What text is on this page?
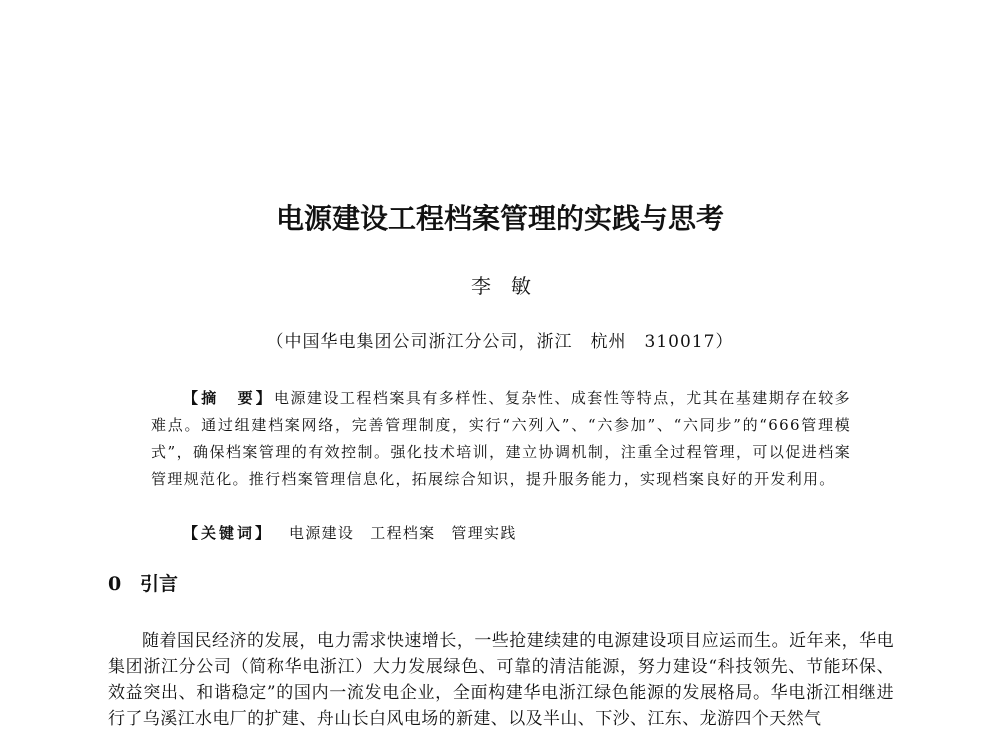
电源建设工程档案管理的实践与思考
李敏
（中国华电集团公司浙江分公司，浙江　杭州　310017）
【摘　要】电源建设工程档案具有多样性、复杂性、成套性等特点，尤其在基建期存在较多难点。通过组建档案网络，完善管理制度，实行“六列入”、“六参加”、“六同步”的“666管理模式”，确保档案管理的有效控制。强化技术培训，建立协调机制，注重全过程管理，可以促进档案管理规范化。推行档案管理信息化，拓展综合知识，提升服务能力，实现档案良好的开发利用。
【关键词】 电源建设 工程档案 管理实践
0 引言
随着国民经济的发展，电力需求快速增长，一些抢建续建的电源建设项目应运而生。近年来，华电集团浙江分公司（简称华电浙江）大力发展绿色、可靠的清洁能源，努力建设“科技领先、节能环保、效益突出、和谐稳定”的国内一流发电企业，全面构建华电浙江绿色能源的发展格局。华电浙江相继进行了乌溪江水电厂的扩建、舟山长白风电场的新建、以及半山、下沙、江东、龙游四个天然气
